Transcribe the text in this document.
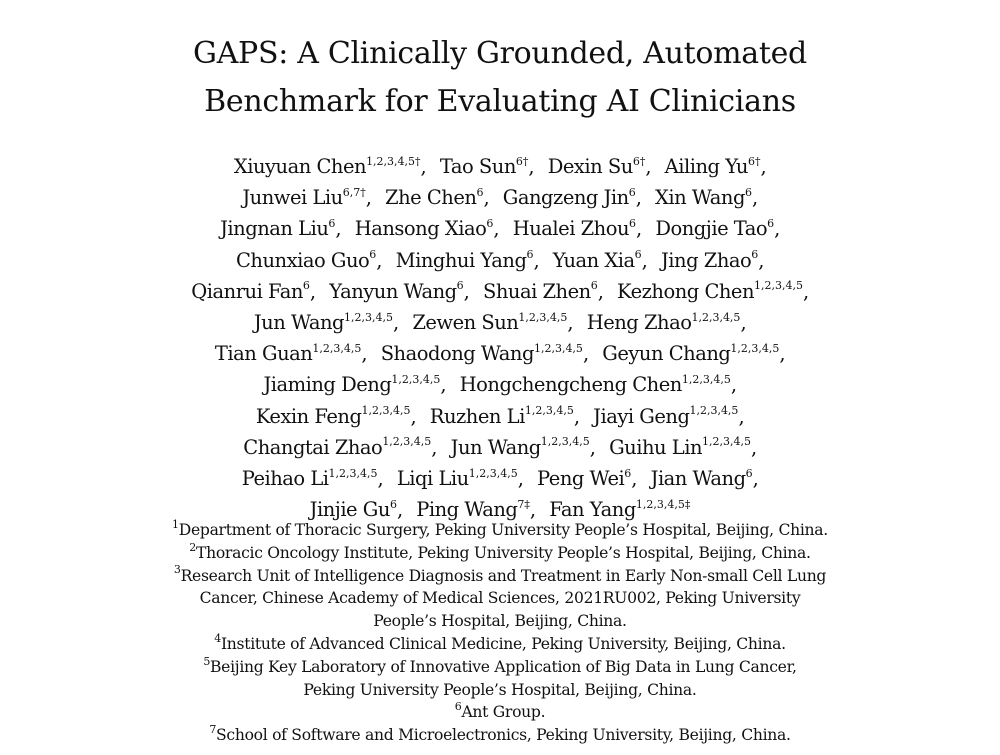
GAPS: A Clinically Grounded, Automated
Benchmark for Evaluating AI Clinicians
Xiuyuan Chen$^{1,2,3,4,5\dagger}$, Tao Sun$^{6\dagger}$, Dexin $Su^{6\dagger}$, Ailing $Yu^{6\dagger}$,
Junwei Liu$^{6,7\dagger}$, Zhe Chen$^6$, Gangzeng Jin$^6$, Xin Wang$^6$,
Jingnan Liu$^6$, Hansong Xiao$^6$, Hualei Zhou$^6$, Dongjie Tao$^6$,
Chunxiao Guo$^6$, Minghui Yang$^6$, Yuan Xia$^6$, Jing Zhao$^6$,
Qianrui Fan$^6$, Yanyun Wang$^6$, Shuai Zhen$^6$, Kezhong Chen$^{1,2,3,4,5}$,
Jun Wang$^{1,2,3,4,5}$, Zewen Sun$^{1,2,3,4,5}$, Heng Zhao$^{1,2,3,4,5}$,
Tian Guan$^{1,2,3,4,5}$, Shaodong Wang$^{1,2,3,4,5}$, Geyun Chang$^{1,2,3,4,5}$,
Jiaming Deng$^{1,2,3,4,5}$, Hongchengcheng Chen$^{1,2,3,4,5}$,
Kexin Feng$^{1,2,3,4,5}$, Ruzhen Li$^{1,2,3,4,5}$, Jiayi Geng$^{1,2,3,4,5}$,
Changtai Zhao$^{1,2,3,4,5}$, Jun Wang$^{1,2,3,4,5}$, Guihu Lin$^{1,2,3,4,5}$,
Peihao Li$^{1,2,3,4,5}$, Liqi Liu$^{1,2,3,4,5}$, Peng Wei$^6$, Jian Wang$^6$,
Jinjie Gu$^6$, Ping Wang$^{7\ddagger}$, Fan Yang$^{1,2,3,4,5\ddagger}$
$^1$Department of Thoracic Surgery, Peking University People’s Hospital, Beijing, China.
$^2$Thoracic Oncology Institute, Peking University People’s Hospital, Beijing, China.
$^3$Research Unit of Intelligence Diagnosis and Treatment in Early Non-small Cell Lung
Cancer, Chinese Academy of Medical Sciences, 2021RU002, Peking University
People’s Hospital, Beijing, China.
$^4$Institute of Advanced Clinical Medicine, Peking University, Beijing, China.
$^5$Beijing Key Laboratory of Innovative Application of Big Data in Lung Cancer,
Peking University People’s Hospital, Beijing, China.
$^6$Ant Group.
$^7$School of Software and Microelectronics, Peking University, Beijing, China.
